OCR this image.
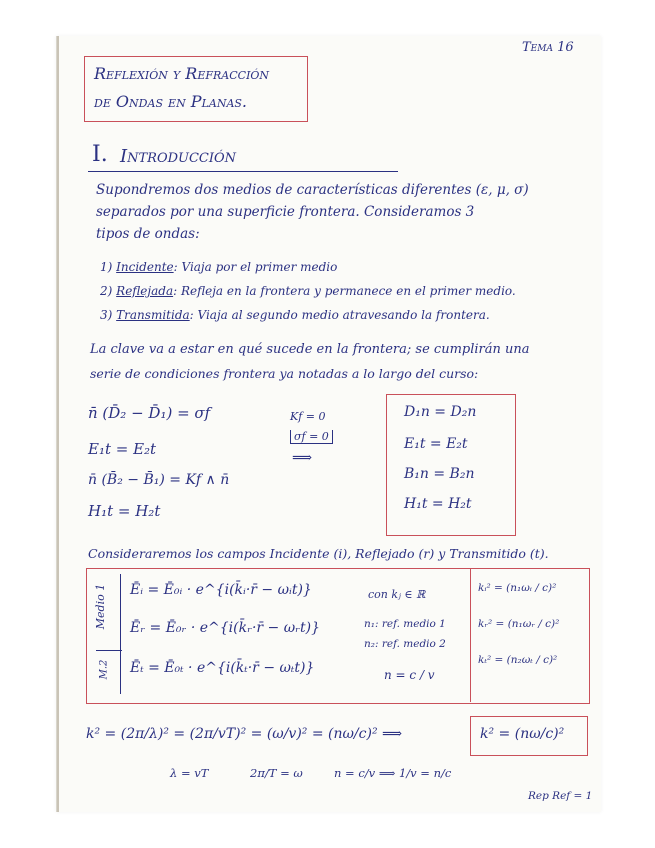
Tema 16
Reflexión y Refracción
de Ondas en Planas.
I. Introducción
Supondremos dos medios de características diferentes (ε, μ, σ)
separados por una superficie frontera. Consideramos 3
tipos de ondas:
1) Incidente: Viaja por el primer medio
2) Reflejada: Refleja en la frontera y permanece en el primer medio.
3) Transmitida: Viaja al segundo medio atravesando la frontera.
La clave va a estar en qué sucede en la frontera; se cumplirán una
serie de condiciones frontera ya notadas a lo largo del curso:
n̄ (D̄₂ − D̄₁) = σf
E₁t = E₂t
n̄ (B̄₂ − B̄₁) = Kf ∧ n̄
H₁t = H₂t
Kf = 0
σf = 0
⟹
D₁n = D₂n
E₁t = E₂t
B₁n = B₂n
H₁t = H₂t
Consideraremos los campos Incidente (i), Reflejado (r) y Transmitido (t).
Medio 1
M.2
Ēᵢ = Ē₀ᵢ · e^{i(k̄ᵢ·r̄ − ωᵢt)}
Ēᵣ = Ē₀ᵣ · e^{i(k̄ᵣ·r̄ − ωᵣt)}
Ēₜ = Ē₀ₜ · e^{i(k̄ₜ·r̄ − ωₜt)}
con kⱼ ∈ ℝ
n₁: ref. medio 1
n₂: ref. medio 2
n = c / v
kᵢ² = (n₁ωᵢ / c)²
kᵣ² = (n₁ωᵣ / c)²
kₜ² = (n₂ωₜ / c)²
k² = (2π/λ)² = (2π/vT)² = (ω/v)² = (nω/c)² ⟹	k² = (nω/c)²
λ = vT	2π/T = ω	n = c/v ⟹ 1/v = n/c
Rep Ref = 1
